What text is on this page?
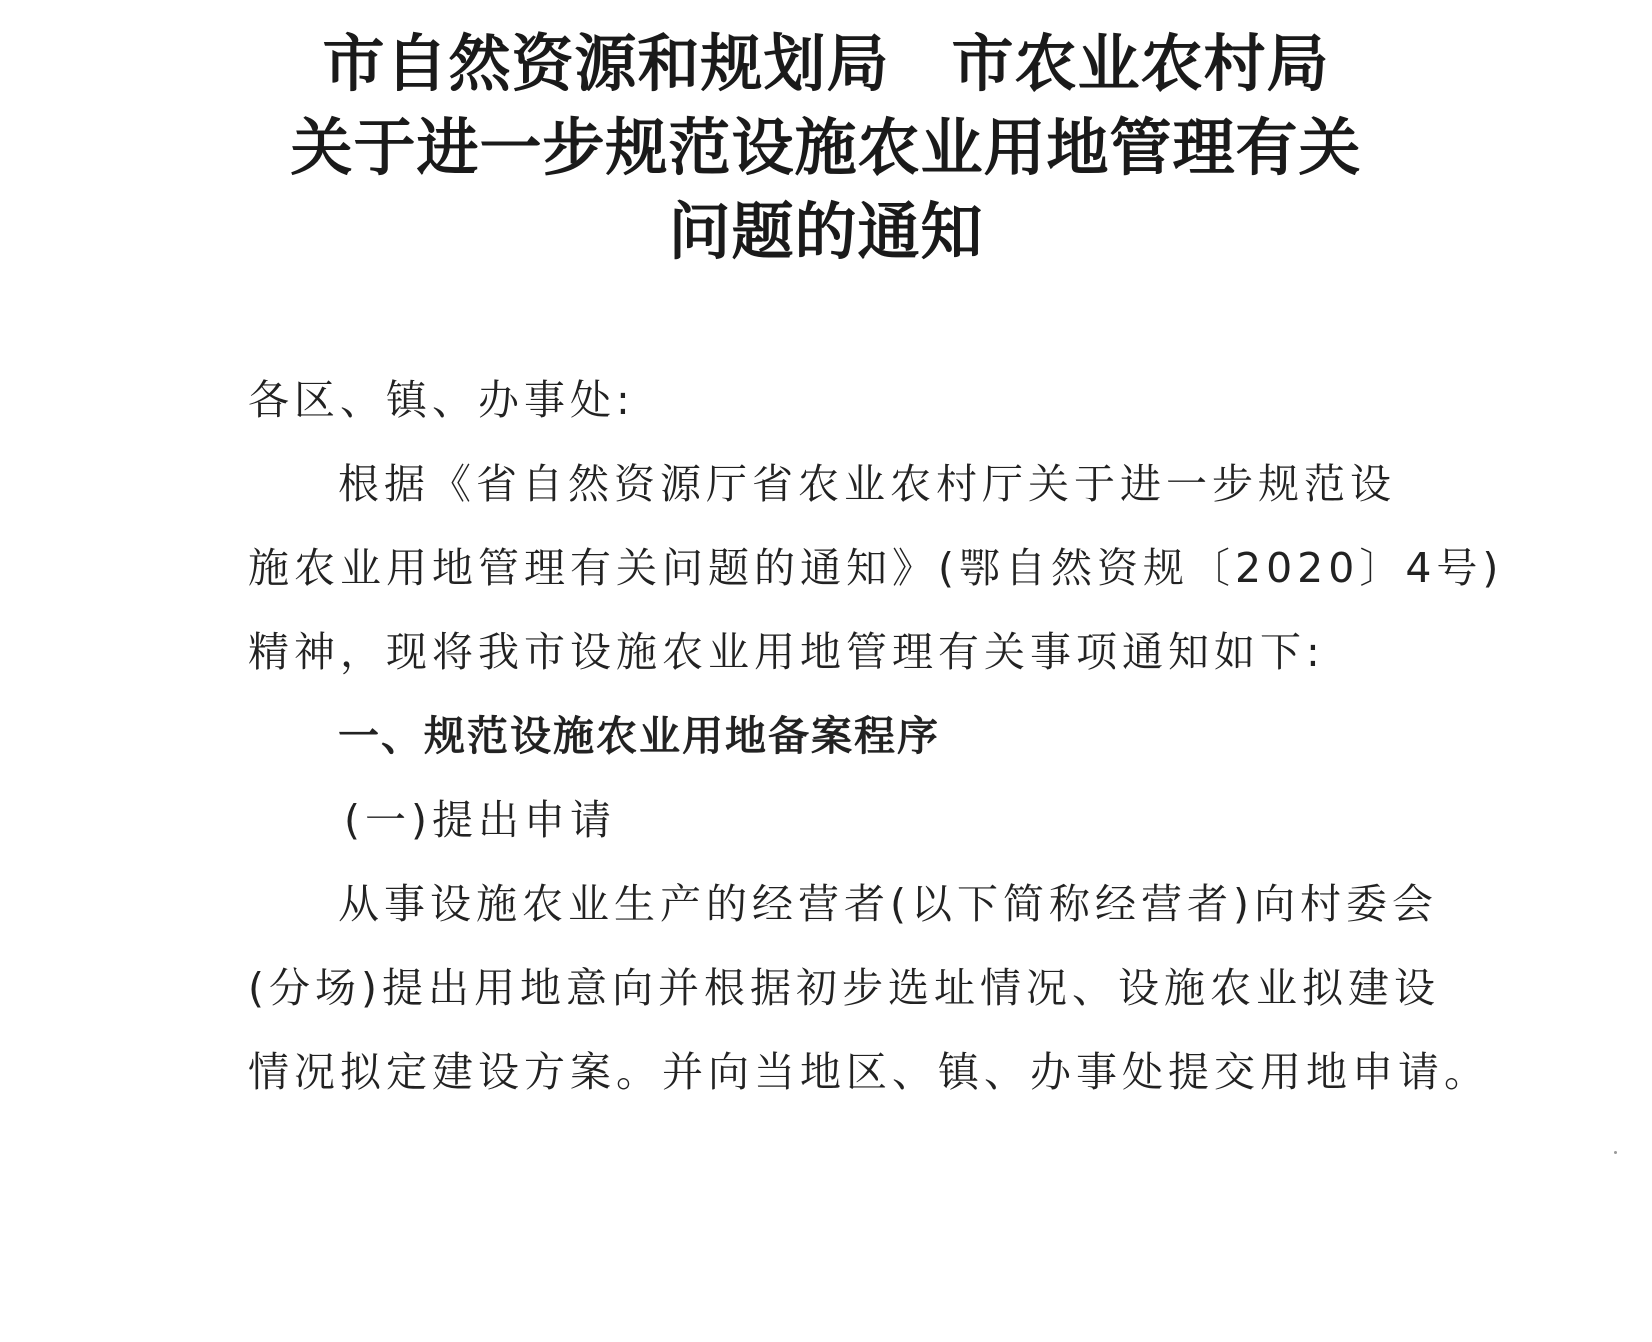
市自然资源和规划局 市农业农村局
关于进一步规范设施农业用地管理有关
问题的通知
各区、镇、办事处:
根据《省自然资源厅省农业农村厅关于进一步规范设
施农业用地管理有关问题的通知》(鄂自然资规〔2020〕4号)
精神，现将我市设施农业用地管理有关事项通知如下:
一、规范设施农业用地备案程序
(一)提出申请
从事设施农业生产的经营者(以下简称经营者)向村委会
(分场)提出用地意向并根据初步选址情况、设施农业拟建设
情况拟定建设方案。并向当地区、镇、办事处提交用地申请。
